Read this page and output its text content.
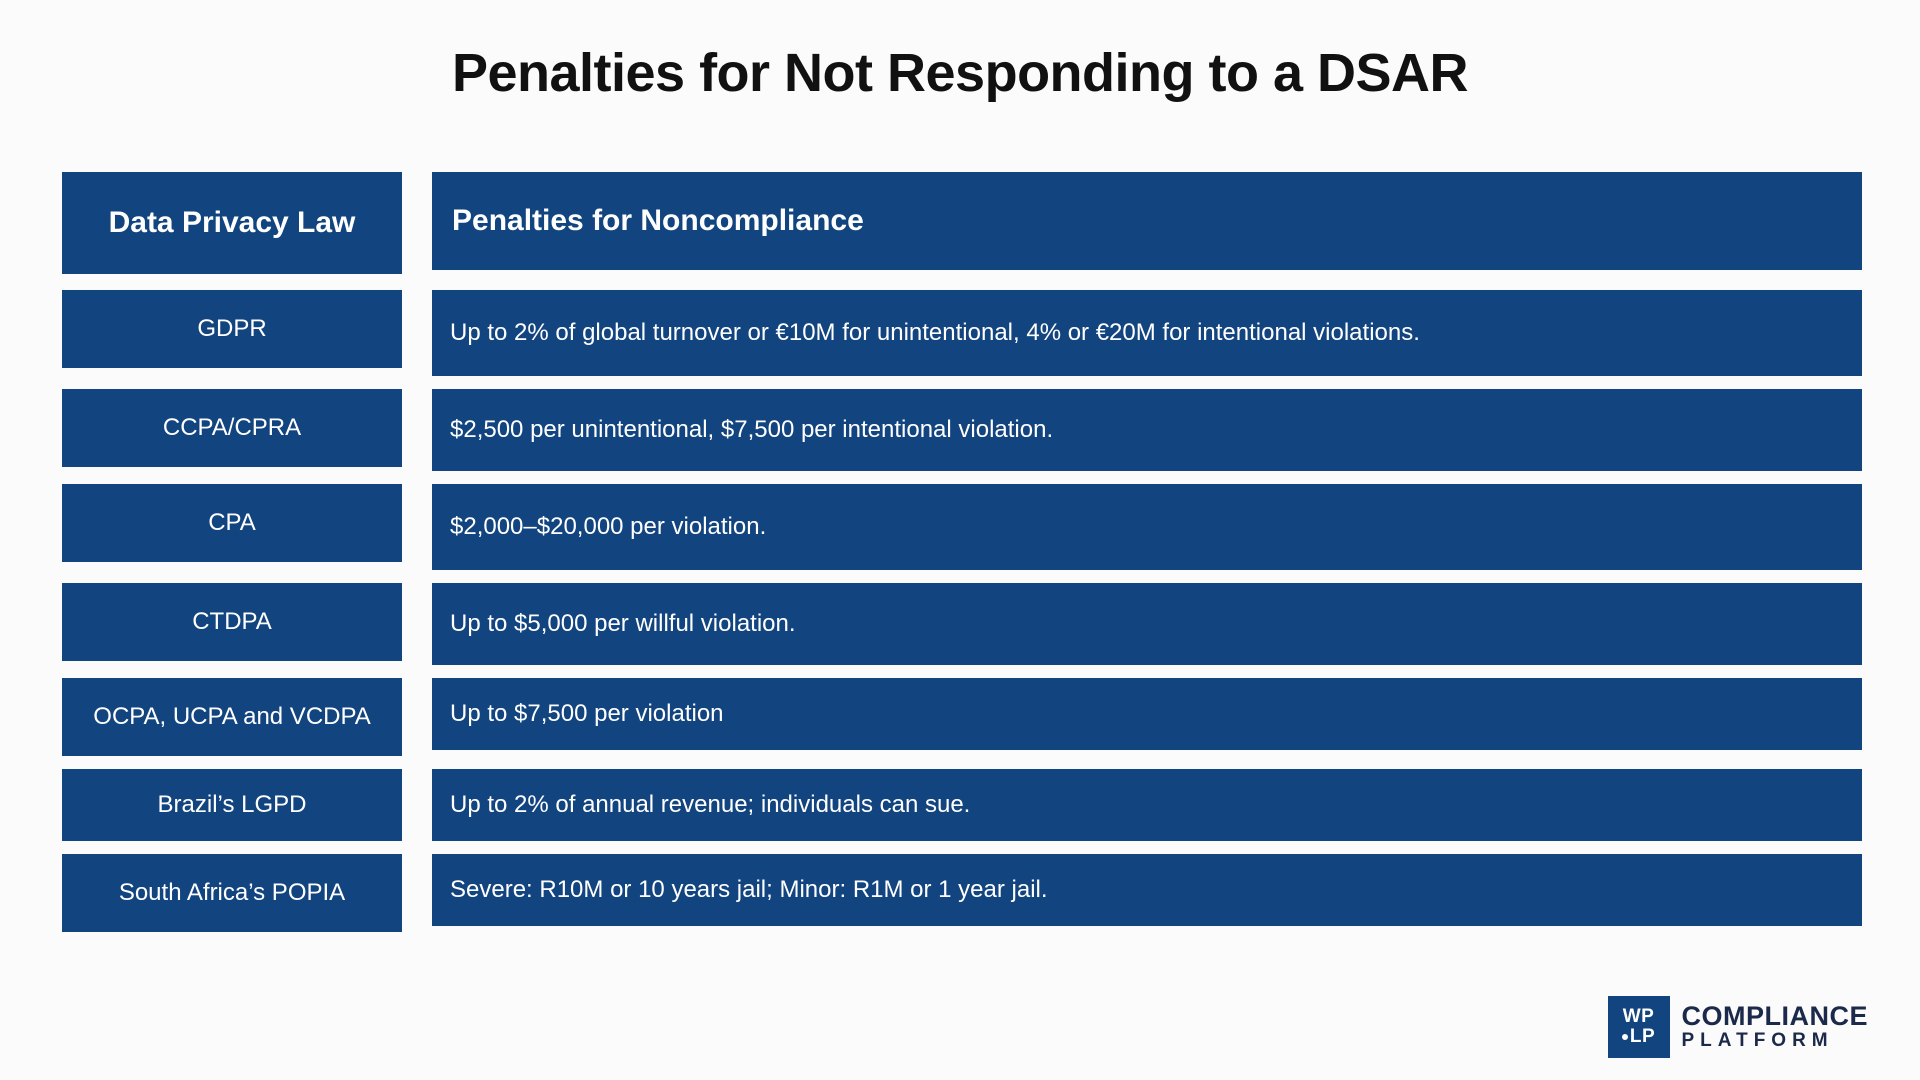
Penalties for Not Responding to a DSAR
Data Privacy Law	Penalties for Noncompliance
GDPR	Up to 2% of global turnover or €10M for unintentional, 4% or €20M for intentional violations.
CCPA/CPRA	$2,500 per unintentional, $7,500 per intentional violation.
CPA	$2,000–$20,000 per violation.
CTDPA	Up to $5,000 per willful violation.
OCPA, UCPA and VCDPA	Up to $7,500 per violation
Brazil’s LGPD	Up to 2% of annual revenue; individuals can sue.
South Africa’s POPIA	Severe: R10M or 10 years jail; Minor: R1M or 1 year jail.
WP
LP
COMPLIANCE
PLATFORM
